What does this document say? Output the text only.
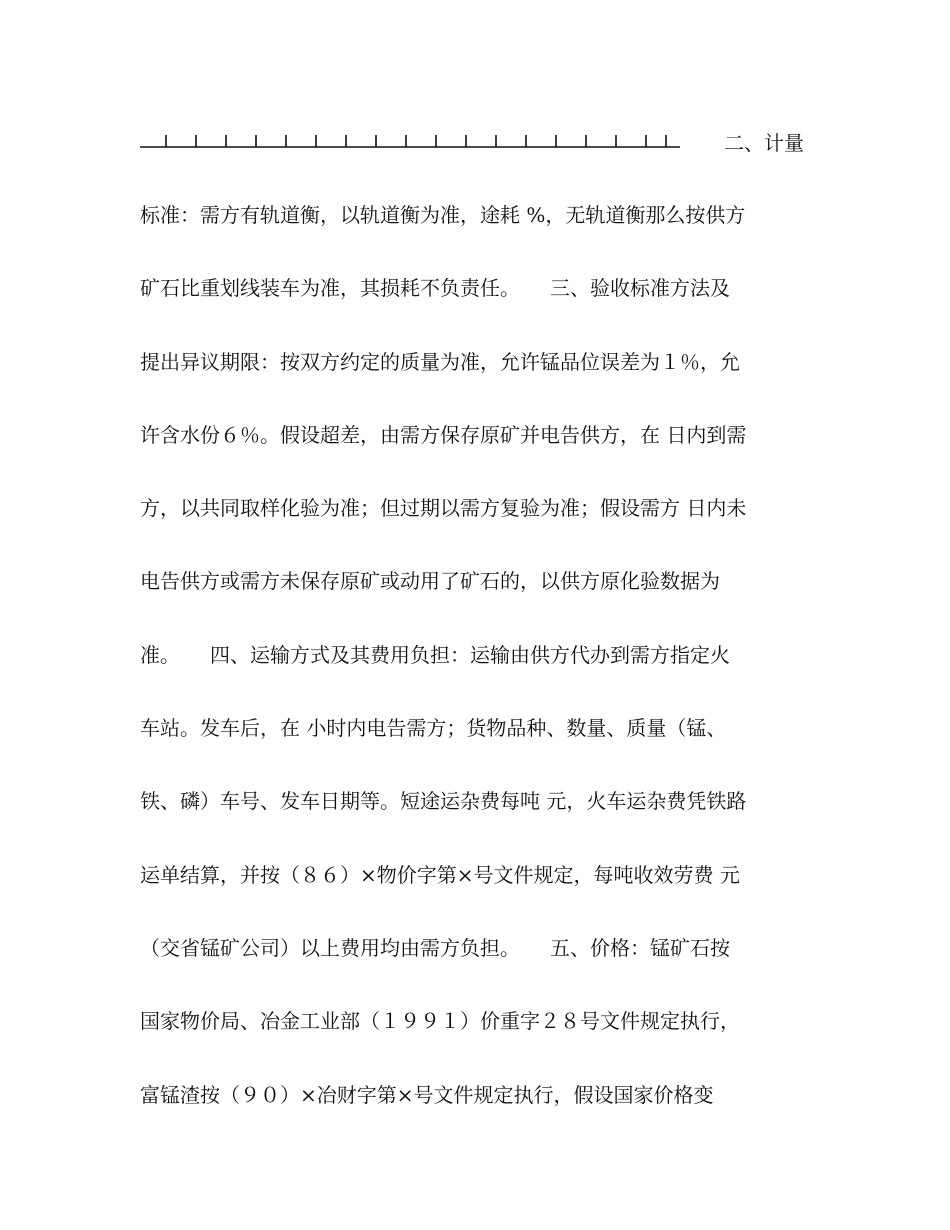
二、计量
标准：需方有轨道衡，以轨道衡为准，途耗 %，无轨道衡那么按供方
矿石比重划线装车为准，其损耗不负责任。　　三、验收标准方法及
提出异议期限：按双方约定的质量为准，允许锰品位误差为１％，允
许含水份６％。假设超差，由需方保存原矿并电告供方，在 日内到需
方，以共同取样化验为准；但过期以需方复验为准；假设需方 日内未
电告供方或需方未保存原矿或动用了矿石的，以供方原化验数据为
准。　　四、运输方式及其费用负担：运输由供方代办到需方指定火
车站。发车后，在 小时内电告需方；货物品种、数量、质量（锰、
铁、磷）车号、发车日期等。短途运杂费每吨 元，火车运杂费凭铁路
运单结算，并按（８６）×物价字第×号文件规定，每吨收效劳费 元
（交省锰矿公司）以上费用均由需方负担。　　五、价格：锰矿石按
国家物价局、冶金工业部（１９９１）价重字２８号文件规定执行，
富锰渣按（９０）×冶财字第×号文件规定执行，假设国家价格变
